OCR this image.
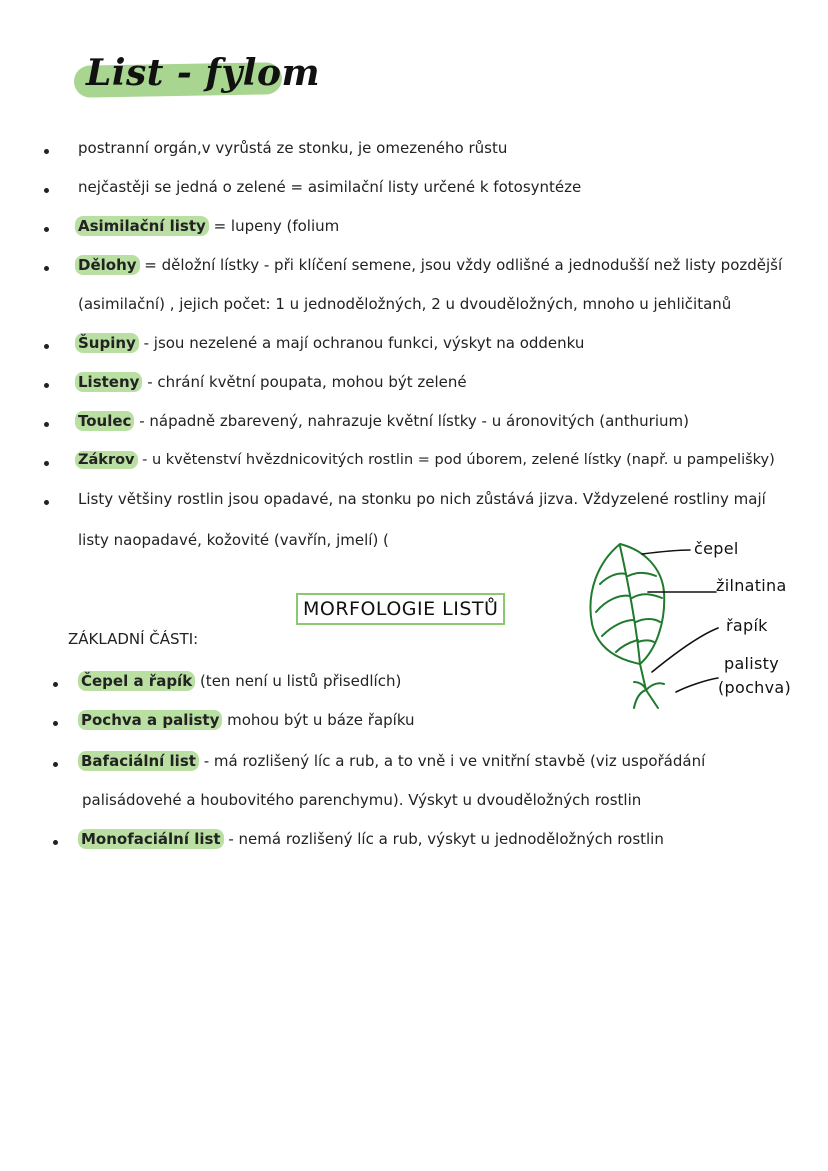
List - fylom
postranní orgán,v vyrůstá ze stonku, je omezeného růstu
nejčastěji se jedná o zelené = asimilační listy určené k fotosyntéze
Asimilační listy = lupeny (folium
Dělohy = děložní lístky - při klíčení semene, jsou vždy odlišné a jednodušší než listy pozdější
(asimilační) , jejich počet: 1 u jednoděložných, 2 u dvouděložných, mnoho u jehličitanů
Šupiny - jsou nezelené a mají ochranou funkci, výskyt na oddenku
Listeny - chrání květní poupata, mohou být zelené
Toulec - nápadně zbarevený, nahrazuje květní lístky - u áronovitých (anthurium)
Zákrov - u květenství hvězdnicovitých rostlin = pod úborem, zelené lístky (např. u pampelišky)
Listy většiny rostlin jsou opadavé, na stonku po nich zůstává jizva. Vždyzelené rostliny mají
listy naopadavé, kožovité (vavřín, jmelí) (
MORFOLOGIE LISTŮ
ZÁKLADNÍ ČÁSTI:
Čepel a řapík (ten není u listů přisedlích)
Pochva a palisty mohou být u báze řapíku
Bafaciální list - má rozlišený líc a rub, a to vně i ve vnitřní stavbě (viz uspořádání
palisádovehé a houbovitého parenchymu). Výskyt u dvouděložných rostlin
Monofaciální list - nemá rozlišený líc a rub, výskyt u jednoděložných rostlin
čepel
žilnatina
řapík
palisty
(pochva)
